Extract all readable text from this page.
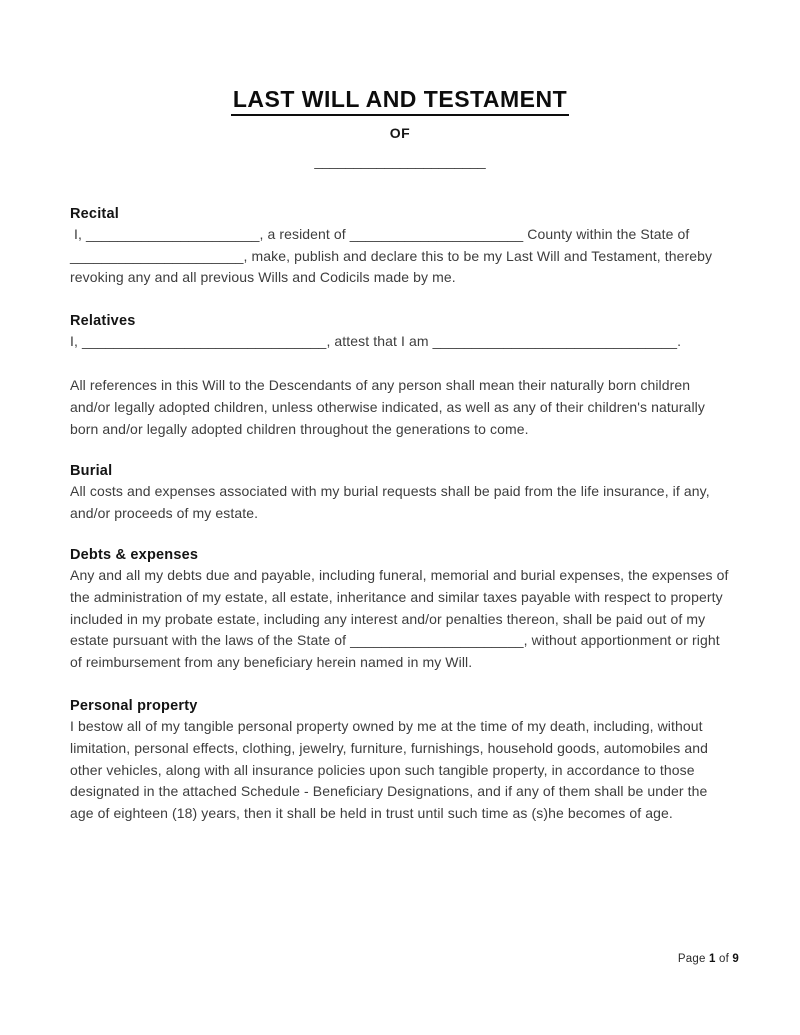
LAST WILL AND TESTAMENT
OF
______________________
Recital

I, ______________________, a resident of ______________________ County within the State of ______________________, make, publish and declare this to be my Last Will and Testament, thereby revoking any and all previous Wills and Codicils made by me.

Relatives

I, _______________________________, attest that I am _______________________________.

All references in this Will to the Descendants of any person shall mean their naturally born children and/or legally adopted children, unless otherwise indicated, as well as any of their children's naturally born and/or legally adopted children throughout the generations to come.

Burial

All costs and expenses associated with my burial requests shall be paid from the life insurance, if any, and/or proceeds of my estate.

Debts & expenses

Any and all my debts due and payable, including funeral, memorial and burial expenses, the expenses of the administration of my estate, all estate, inheritance and similar taxes payable with respect to property included in my probate estate, including any interest and/or penalties thereon, shall be paid out of my estate pursuant with the laws of the State of ______________________, without apportionment or right of reimbursement from any beneficiary herein named in my Will.

Personal property

I bestow all of my tangible personal property owned by me at the time of my death, including, without limitation, personal effects, clothing, jewelry, furniture, furnishings, household goods, automobiles and other vehicles, along with all insurance policies upon such tangible property, in accordance to those designated in the attached Schedule - Beneficiary Designations, and if any of them shall be under the age of eighteen (18) years, then it shall be held in trust until such time as (s)he becomes of age.

Page 1 of 9
